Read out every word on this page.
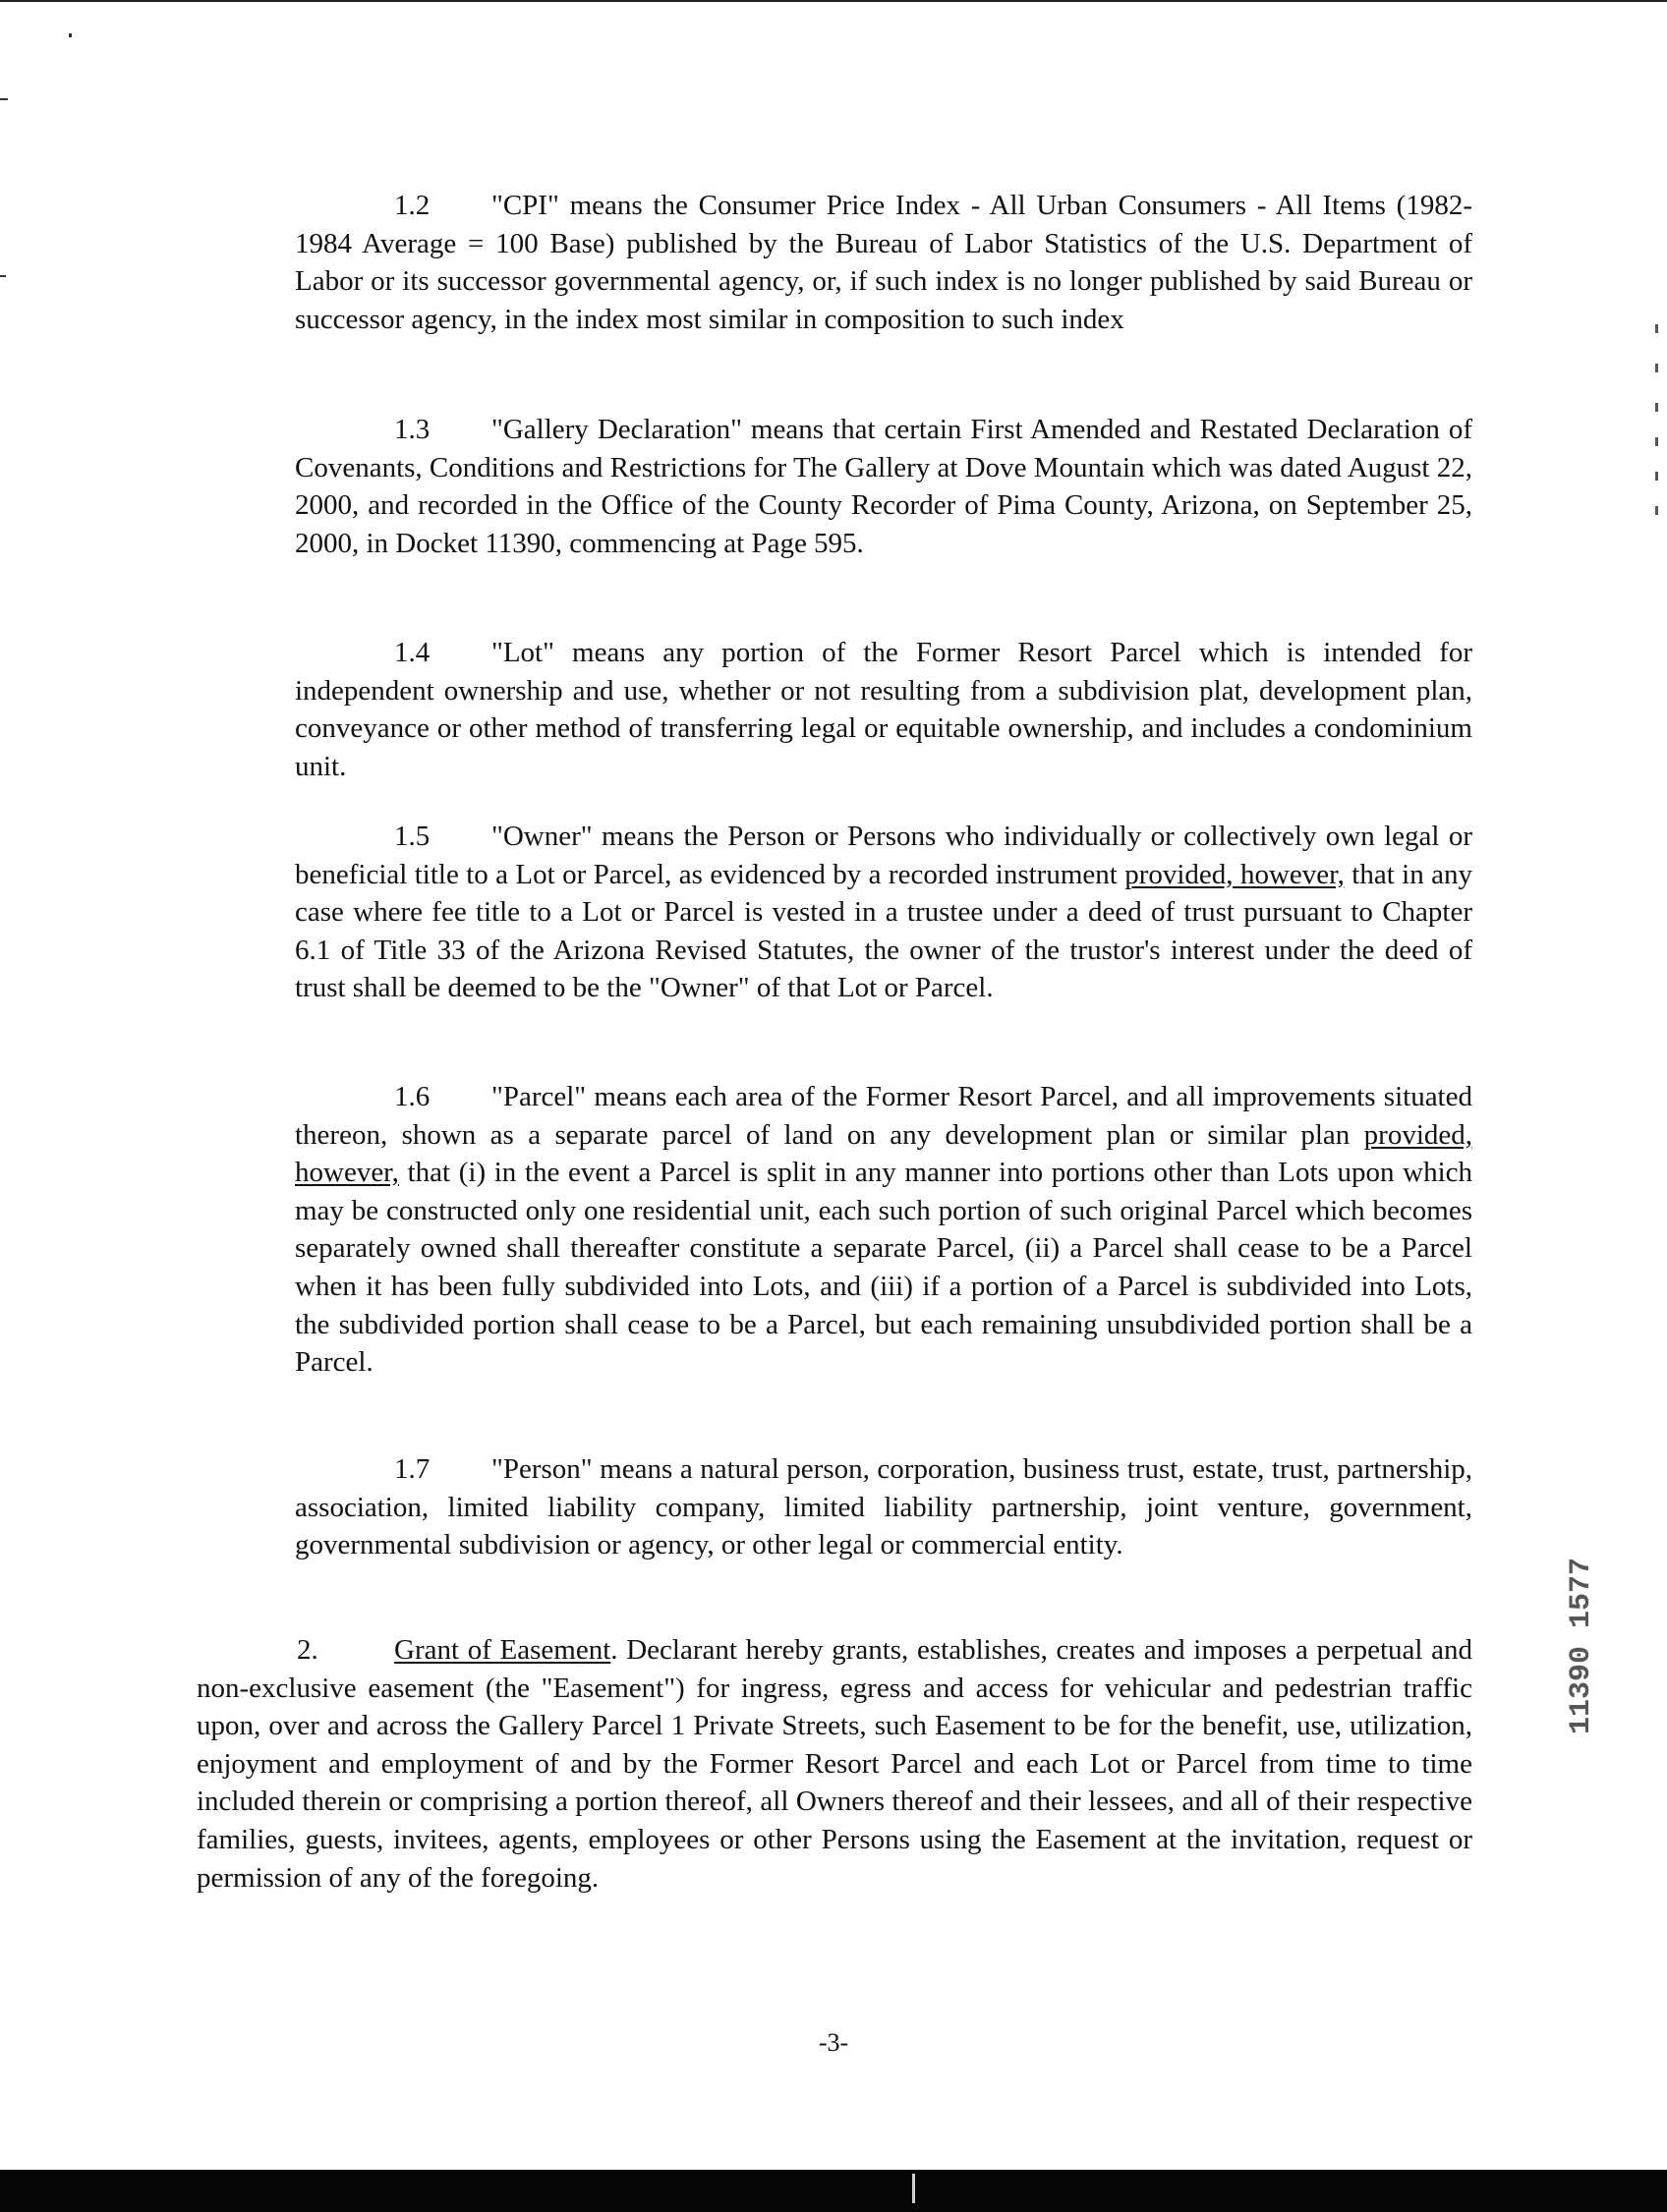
1.2 "CPI" means the Consumer Price Index - All Urban Consumers - All Items (1982-1984 Average = 100 Base) published by the Bureau of Labor Statistics of the U.S. Department of Labor or its successor governmental agency, or, if such index is no longer published by said Bureau or successor agency, in the index most similar in composition to such index

1.3 "Gallery Declaration" means that certain First Amended and Restated Declaration of Covenants, Conditions and Restrictions for The Gallery at Dove Mountain which was dated August 22, 2000, and recorded in the Office of the County Recorder of Pima County, Arizona, on September 25, 2000, in Docket 11390, commencing at Page 595.

1.4 "Lot" means any portion of the Former Resort Parcel which is intended for independent ownership and use, whether or not resulting from a subdivision plat, development plan, conveyance or other method of transferring legal or equitable ownership, and includes a condominium unit.

1.5 "Owner" means the Person or Persons who individually or collectively own legal or beneficial title to a Lot or Parcel, as evidenced by a recorded instrument provided, however, that in any case where fee title to a Lot or Parcel is vested in a trustee under a deed of trust pursuant to Chapter 6.1 of Title 33 of the Arizona Revised Statutes, the owner of the trustor's interest under the deed of trust shall be deemed to be the "Owner" of that Lot or Parcel.

1.6 "Parcel" means each area of the Former Resort Parcel, and all improvements situated thereon, shown as a separate parcel of land on any development plan or similar plan provided, however, that (i) in the event a Parcel is split in any manner into portions other than Lots upon which may be constructed only one residential unit, each such portion of such original Parcel which becomes separately owned shall thereafter constitute a separate Parcel, (ii) a Parcel shall cease to be a Parcel when it has been fully subdivided into Lots, and (iii) if a portion of a Parcel is subdivided into Lots, the subdivided portion shall cease to be a Parcel, but each remaining unsubdivided portion shall be a Parcel.

1.7 "Person" means a natural person, corporation, business trust, estate, trust, partnership, association, limited liability company, limited liability partnership, joint venture, government, governmental subdivision or agency, or other legal or commercial entity.

2.	Grant of Easement. Declarant hereby grants, establishes, creates and imposes a perpetual and non-exclusive easement (the "Easement") for ingress, egress and access for vehicular and pedestrian traffic upon, over and across the Gallery Parcel 1 Private Streets, such Easement to be for the benefit, use, utilization, enjoyment and employment of and by the Former Resort Parcel and each Lot or Parcel from time to time included therein or comprising a portion thereof, all Owners thereof and their lessees, and all of their respective families, guests, invitees, agents, employees or other Persons using the Easement at the invitation, request or permission of any of the foregoing.

-3-
11390 1577
